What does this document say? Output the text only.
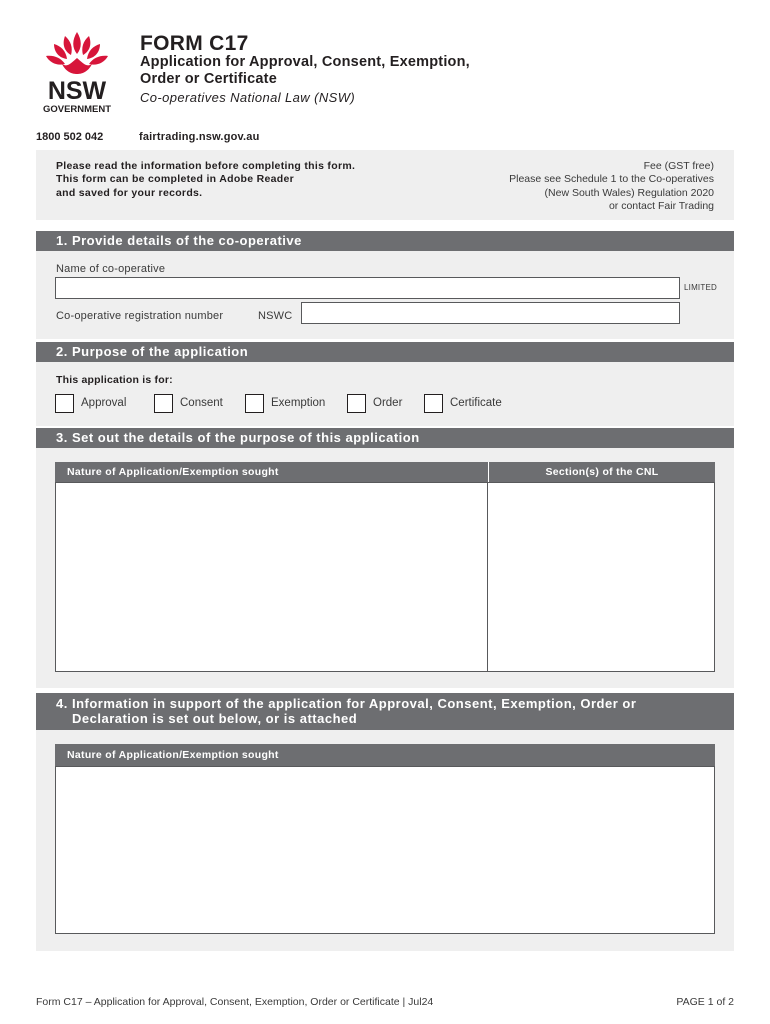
NSW
GOVERNMENT
FORM C17
Application for Approval, Consent, Exemption,
Order or Certificate
Co-operatives National Law (NSW)
1800 502 042	fairtrading.nsw.gov.au
Please read the information before completing this form.
This form can be completed in Adobe Reader
and saved for your records.
Fee (GST free)
Please see Schedule 1 to the Co-operatives
(New South Wales) Regulation 2020
or contact Fair Trading
1. Provide details of the co-operative
Name of co-operative
LIMITED
Co-operative registration number	NSWC
2. Purpose of the application
This application is for:
Approval	Consent	Exemption	Order	Certificate
3. Set out the details of the purpose of this application
Nature of Application/Exemption sought	Section(s) of the CNL
4. Information in support of the application for Approval, Consent, Exemption, Order or
Declaration is set out below, or is attached
Nature of Application/Exemption sought
Form C17 – Application for Approval, Consent, Exemption, Order or Certificate | Jul24	PAGE 1 of 2
